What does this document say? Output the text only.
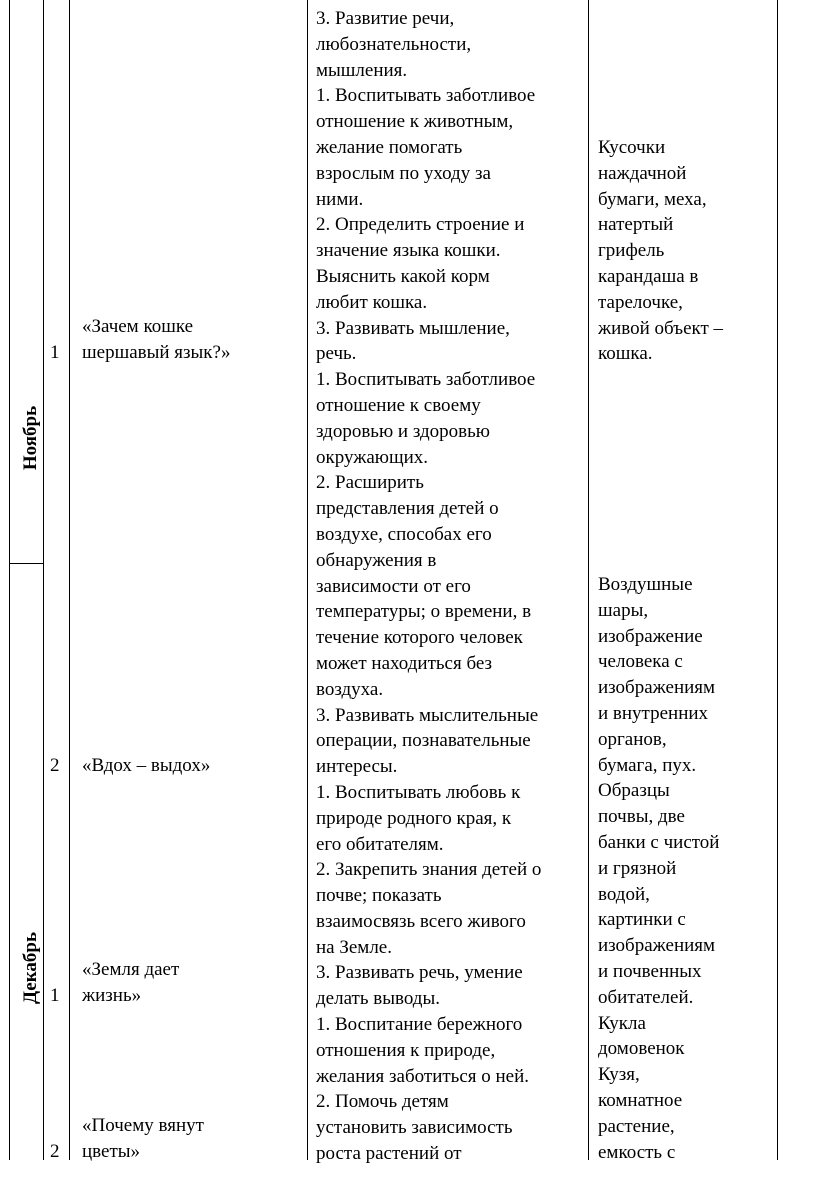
Ноябрь
Декабрь
1
2
1
2
«Зачем кошке
шершавый язык?»
«Вдох – выдох»
«Земля дает
жизнь»
«Почему вянут
цветы»
3. Развитие речи,
любознательности,
мышления.
1. Воспитывать заботливое
отношение к животным,
желание помогать
взрослым по уходу за
ними.
2. Определить строение и
значение языка кошки.
Выяснить какой корм
любит кошка.
3. Развивать мышление,
речь.
1. Воспитывать заботливое
отношение к своему
здоровью и здоровью
окружающих.
2. Расширить
представления детей о
воздухе, способах его
обнаружения в
зависимости от его
температуры; о времени, в
течение которого человек
может находиться без
воздуха.
3. Развивать мыслительные
операции, познавательные
интересы.
1. Воспитывать любовь к
природе родного края, к
его обитателям.
2. Закрепить знания детей о
почве; показать
взаимосвязь всего живого
на Земле.
3. Развивать речь, умение
делать выводы.
1. Воспитание бережного
отношения к природе,
желания заботиться о ней.
2. Помочь детям
установить зависимость
роста растений от
Кусочки
наждачной
бумаги, меха,
натертый
грифель
карандаша в
тарелочке,
живой объект –
кошка.
Воздушные
шары,
изображение
человека с
изображениям
и внутренних
органов,
бумага, пух.
Образцы
почвы, две
банки с чистой
и грязной
водой,
картинки с
изображениям
и почвенных
обитателей.
Кукла
домовенок
Кузя,
комнатное
растение,
емкость с
